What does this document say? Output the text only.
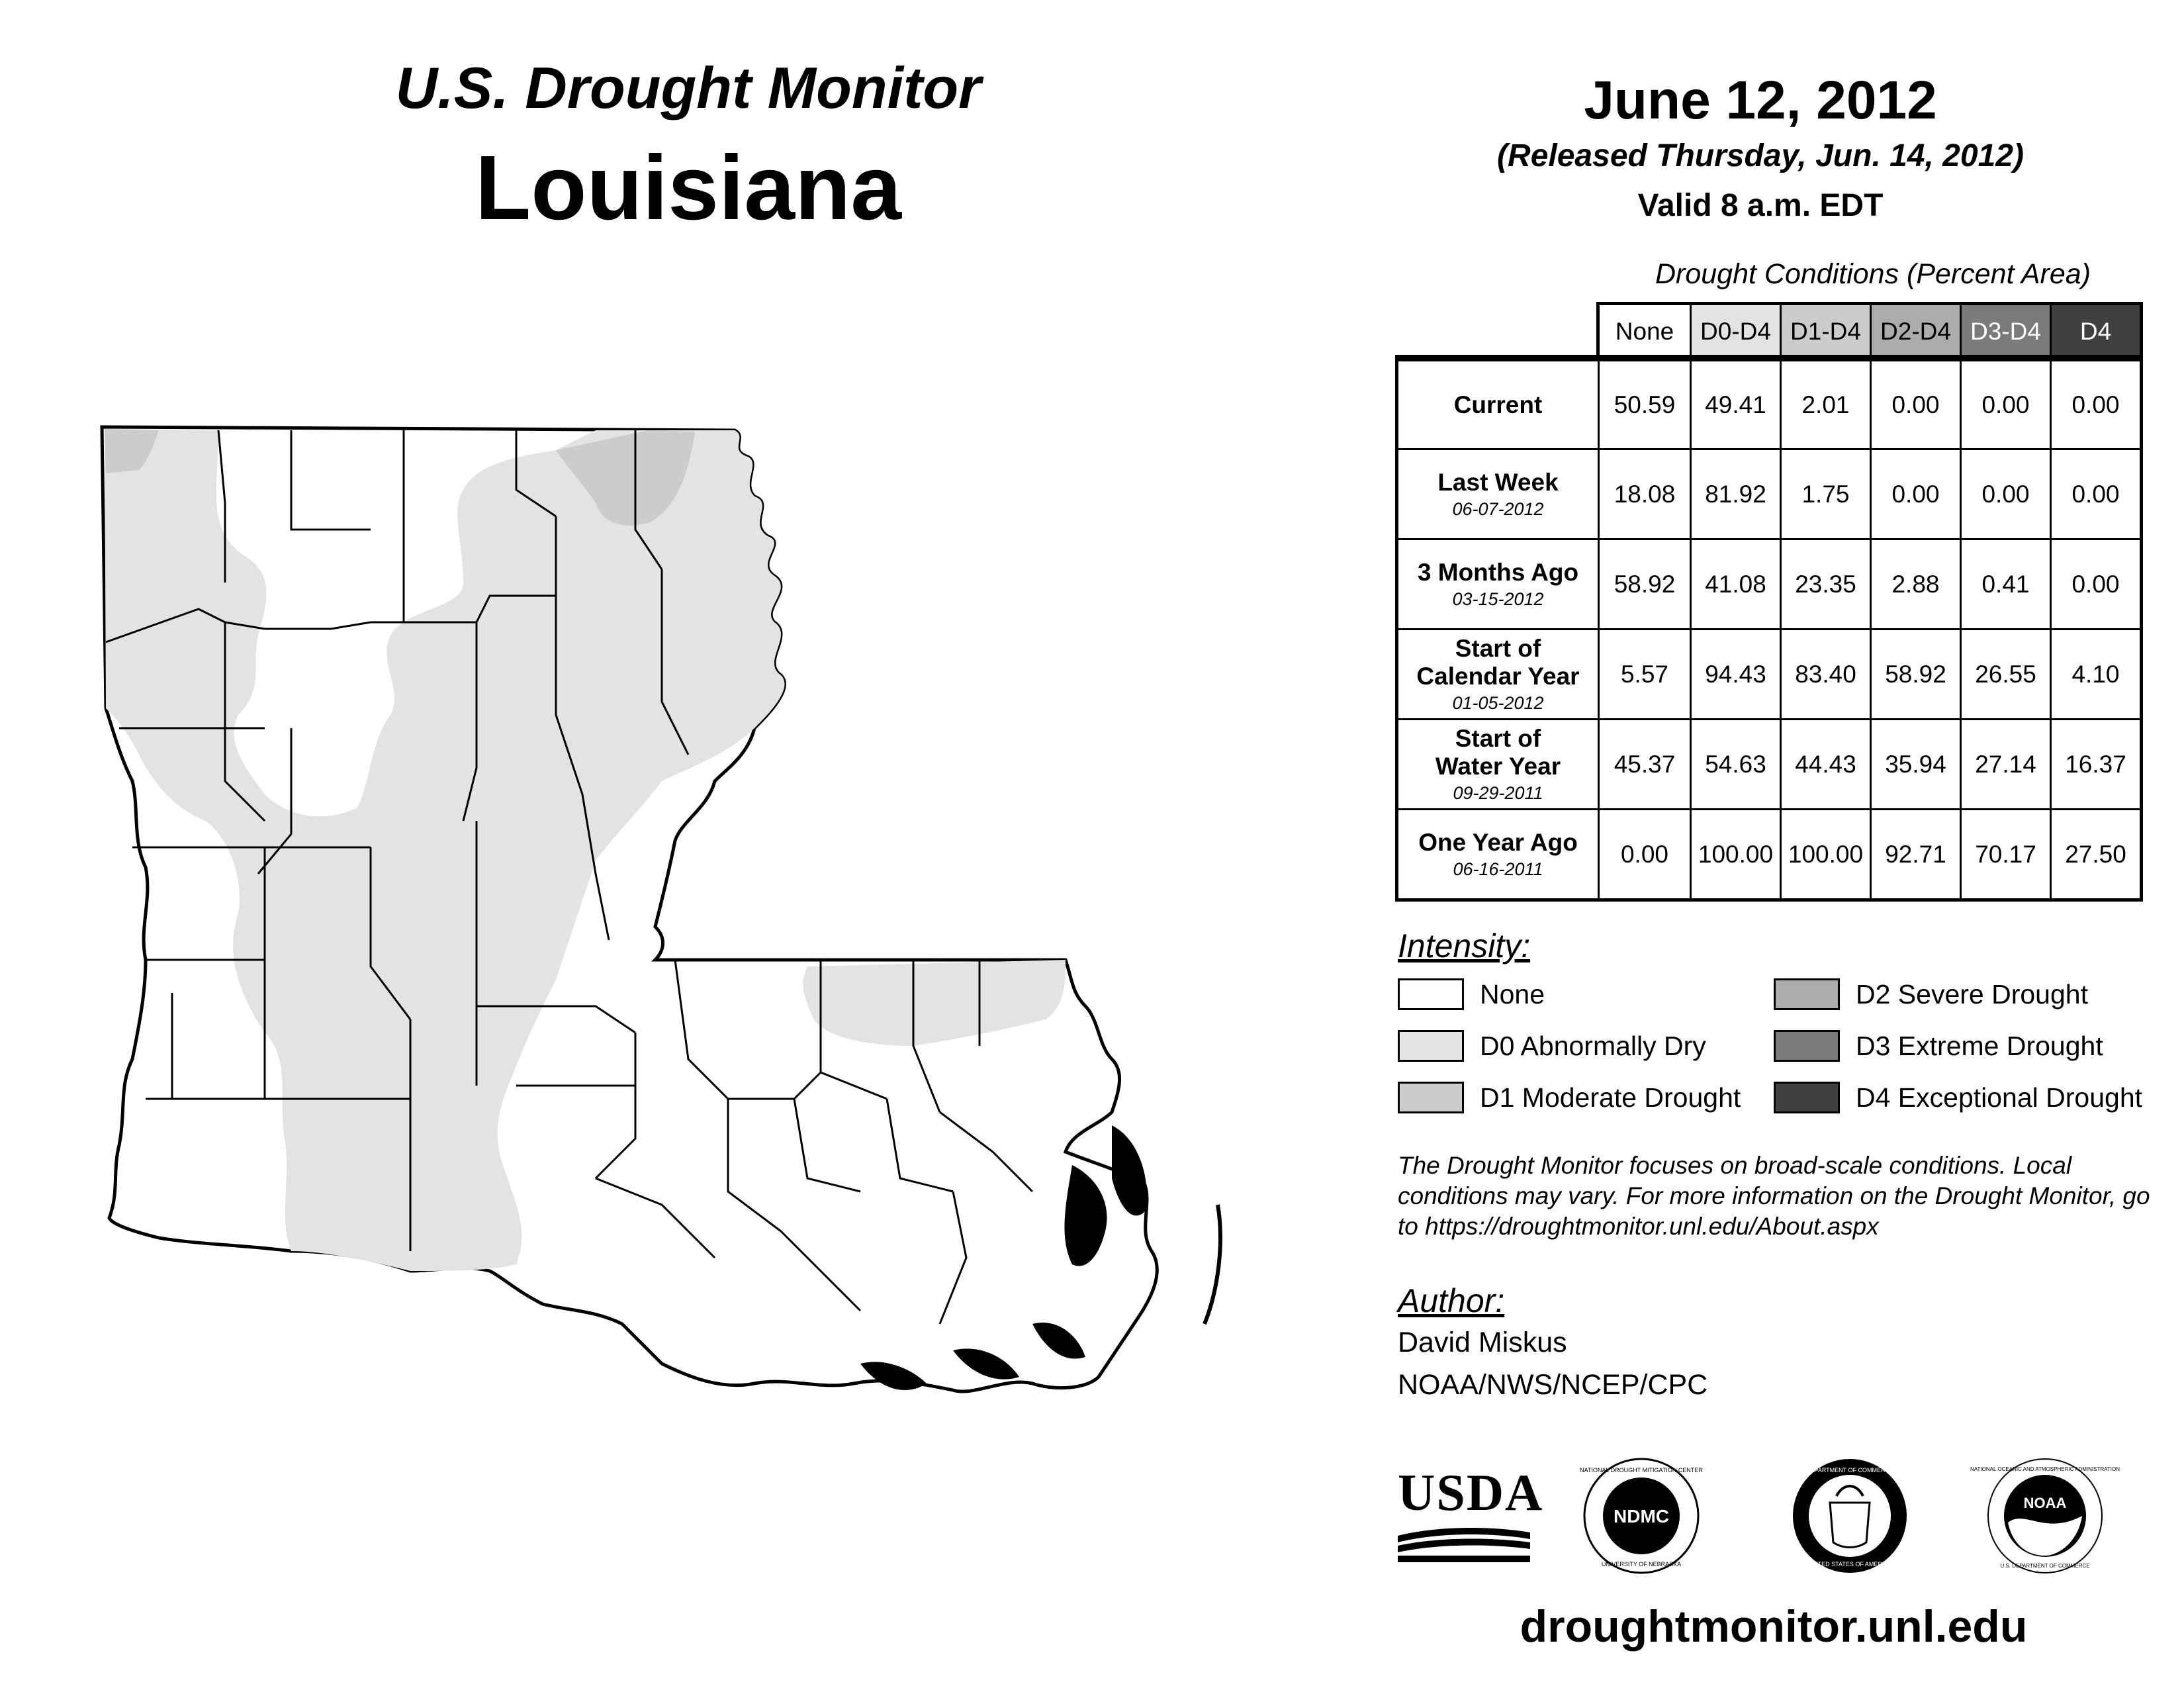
U.S. Drought Monitor
Louisiana
June 12, 2012
(Released Thursday, Jun. 14, 2012)
Valid 8 a.m. EDT
Drought Conditions (Percent Area)
None	D0-D4 D1-D4 D2-D4 D3-D4	D4
Current	50.59	49.41	2.01	0.00	0.00	0.00
Last Week
06-07-2012
18.08	81.92	1.75	0.00	0.00	0.00
3 Months Ago
03-15-2012
58.92	41.08	23.35	2.88	0.41	0.00
Start of
Calendar Year
01-05-2012
5.57	94.43	83.40	58.92	26.55	4.10
Start of
Water Year
09-29-2011
45.37	54.63	44.43	35.94	27.14	16.37
One Year Ago
06-16-2011
0.00	100.00 100.00 92.71	70.17	27.50
Intensity:
None
D0 Abnormally Dry
D1 Moderate Drought
D2 Severe Drought
D3 Extreme Drought
D4 Exceptional Drought
The Drought Monitor focuses on broad-scale conditions. Local conditions may vary. For more information on the Drought Monitor, go to https://droughtmonitor.unl.edu/About.aspx
Author:
David Miskus
NOAA/NWS/NCEP/CPC
USDA	NDMC
NATIONAL DROUGHT MITIGATION CENTER
UNIVERSITY OF NEBRASKA
DEPARTMENT OF COMMERCE
UNITED STATES OF AMERICA
NOAA
NATIONAL OCEANIC AND ATMOSPHERIC ADMINISTRATION
U.S. DEPARTMENT OF COMMERCE
droughtmonitor.unl.edu
